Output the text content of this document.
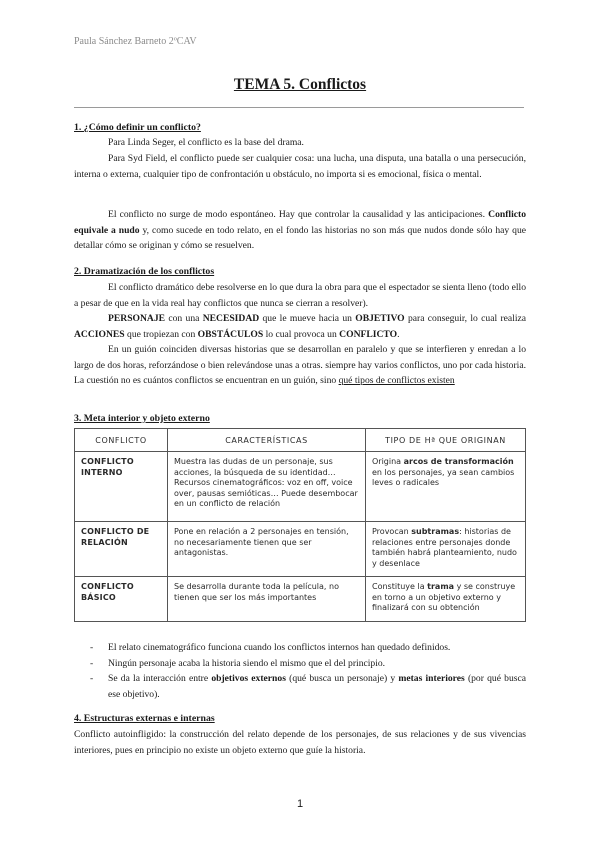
Paula Sánchez Barneto 2ºCAV
TEMA 5. Conflictos
1. ¿Cómo definir un conflicto?
Para Linda Seger, el conflicto es la base del drama.
Para Syd Field, el conflicto puede ser cualquier cosa: una lucha, una disputa, una batalla o una persecución, interna o externa, cualquier tipo de confrontación u obstáculo, no importa si es emocional, física o mental.
El conflicto no surge de modo espontáneo. Hay que controlar la causalidad y las anticipaciones. Conflicto equivale a nudo y, como sucede en todo relato, en el fondo las historias no son más que nudos donde sólo hay que detallar cómo se originan y cómo se resuelven.
2. Dramatización de los conflictos
El conflicto dramático debe resolverse en lo que dura la obra para que el espectador se sienta lleno (todo ello a pesar de que en la vida real hay conflictos que nunca se cierran a resolver).
PERSONAJE con una NECESIDAD que le mueve hacia un OBJETIVO para conseguir, lo cual realiza ACCIONES que tropiezan con OBSTÁCULOS lo cual provoca un CONFLICTO.
En un guión coinciden diversas historias que se desarrollan en paralelo y que se interfieren y enredan a lo largo de dos horas, reforzándose o bien relevándose unas a otras. siempre hay varios conflictos, uno por cada historia. La cuestión no es cuántos conflictos se encuentran en un guión, sino qué tipos de conflictos existen
3. Meta interior y objeto externo
CONFLICTO	CARACTERÍSTICAS	TIPO DE Hª QUE ORIGINAN
CONFLICTO INTERNO	Muestra las dudas de un personaje, sus acciones, la búsqueda de su identidad… Recursos cinematográficos: voz en off, voice over, pausas semióticas… Puede desembocar en un conflicto de relación	Origina arcos de transformación en los personajes, ya sean cambios leves o radicales
CONFLICTO DE RELACIÓN	Pone en relación a 2 personajes en tensión, no necesariamente tienen que ser antagonistas.	Provocan subtramas: historias de relaciones entre personajes donde también habrá planteamiento, nudo y desenlace
CONFLICTO BÁSICO	Se desarrolla durante toda la película, no tienen que ser los más importantes	Constituye la trama y se construye en torno a un objetivo externo y finalizará con su obtención
- El relato cinematográfico funciona cuando los conflictos internos han quedado definidos.
- Ningún personaje acaba la historia siendo el mismo que el del principio.
- Se da la interacción entre objetivos externos (qué busca un personaje) y metas interiores (por qué busca ese objetivo).
4. Estructuras externas e internas
Conflicto autoinfligido: la construcción del relato depende de los personajes, de sus relaciones y de sus vivencias interiores, pues en principio no existe un objeto externo que guíe la historia.
1
